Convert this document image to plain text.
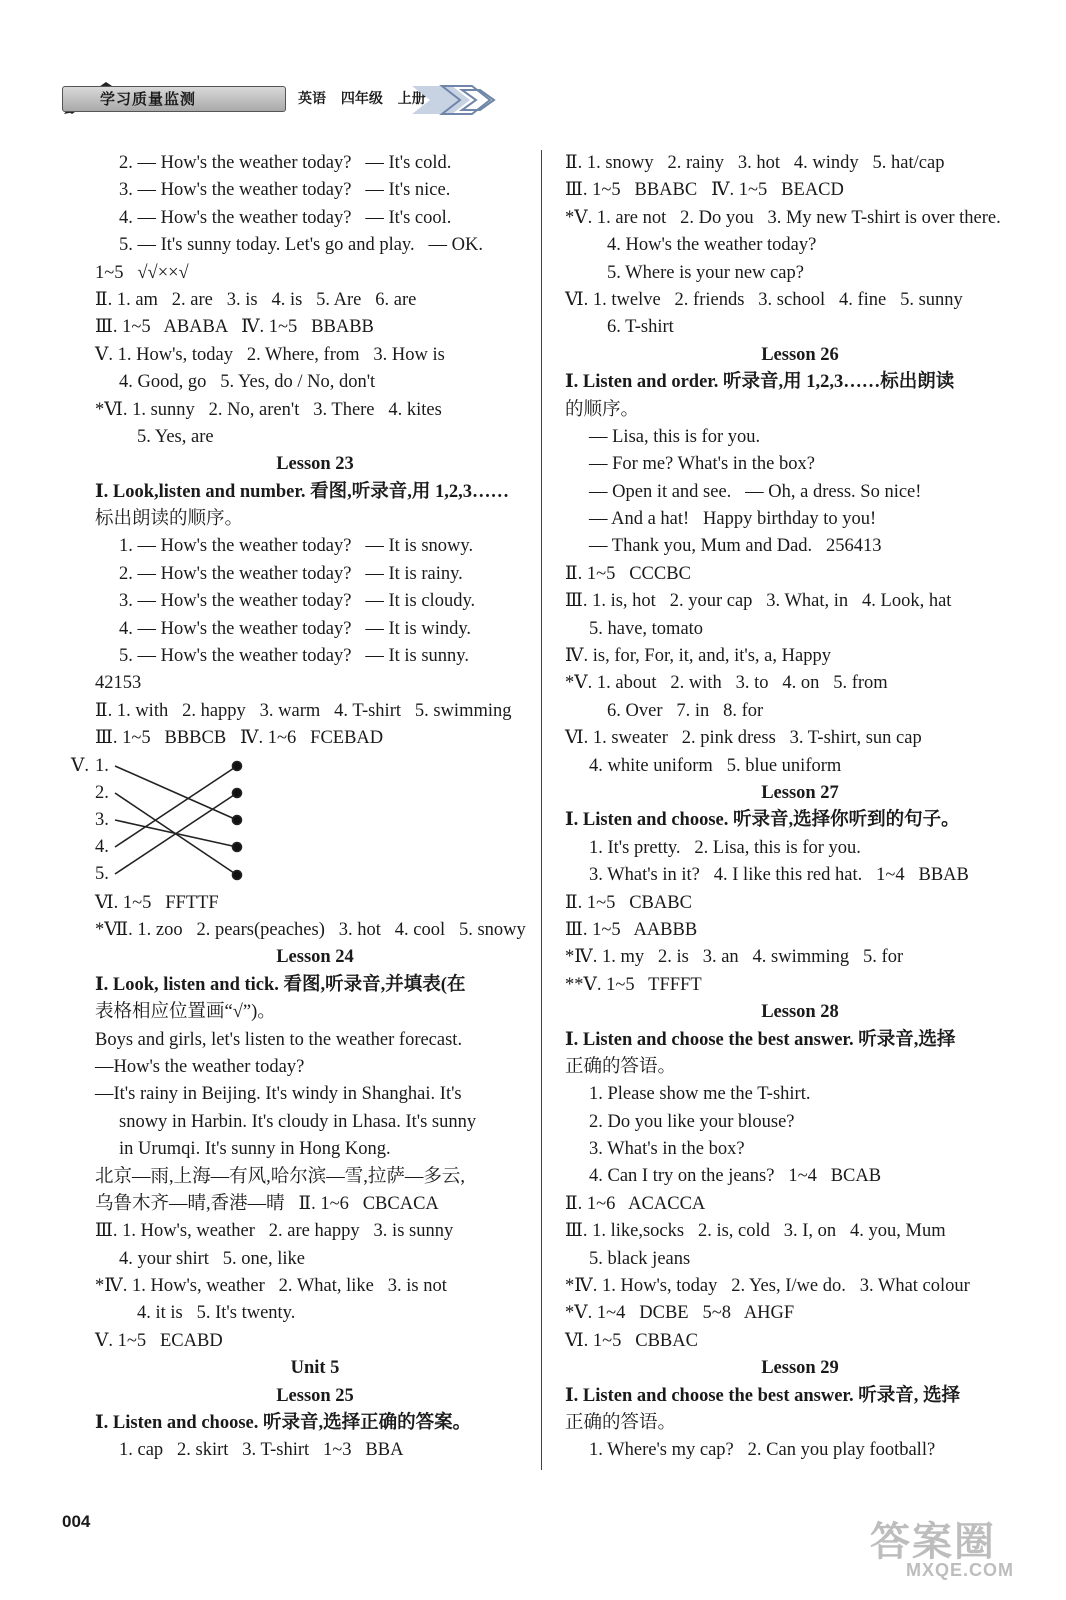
学习质量监测	英语 四年级 上册
2. — How's the weather today?   — It's cold.
3. — How's the weather today?   — It's nice.
4. — How's the weather today?   — It's cool.
5. — It's sunny today. Let's go and play.   — OK.
1~5   √√××√
Ⅱ. 1. am   2. are   3. is   4. is   5. Are   6. are
Ⅲ. 1~5   ABABA   Ⅳ. 1~5   BBABB
Ⅴ. 1. How's, today   2. Where, from   3. How is
4. Good, go   5. Yes, do / No, don't
*Ⅵ. 1. sunny   2. No, aren't   3. There   4. kites
5. Yes, are
Lesson 23
Ⅰ. Look,listen and number. 看图,听录音,用 1,2,3……
标出朗读的顺序。
1. — How's the weather today?   — It is snowy.
2. — How's the weather today?   — It is rainy.
3. — How's the weather today?   — It is cloudy.
4. — How's the weather today?   — It is windy.
5. — How's the weather today?   — It is sunny.
42153
Ⅱ. 1. with   2. happy   3. warm   4. T-shirt   5. swimming
Ⅲ. 1~5   BBBCB   Ⅳ. 1~6   FCEBAD
Ⅴ. 1.
2.
3.
4.
5.
Ⅵ. 1~5   FFTTF
*Ⅶ. 1. zoo   2. pears(peaches)   3. hot   4. cool   5. snowy
Lesson 24
Ⅰ. Look, listen and tick. 看图,听录音,并填表(在
表格相应位置画“√”)。
Boys and girls, let's listen to the weather forecast.
—How's the weather today?
—It's rainy in Beijing. It's windy in Shanghai. It's
snowy in Harbin. It's cloudy in Lhasa. It's sunny
in Urumqi. It's sunny in Hong Kong.
北京—雨,上海—有风,哈尔滨—雪,拉萨—多云,
乌鲁木齐—晴,香港—晴   Ⅱ. 1~6   CBCACA
Ⅲ. 1. How's, weather   2. are happy   3. is sunny
4. your shirt   5. one, like
*Ⅳ. 1. How's, weather   2. What, like   3. is not
4. it is   5. It's twenty.
Ⅴ. 1~5   ECABD
Unit 5
Lesson 25
Ⅰ. Listen and choose. 听录音,选择正确的答案。
1. cap   2. skirt   3. T-shirt   1~3   BBA
Ⅱ. 1. snowy   2. rainy   3. hot   4. windy   5. hat/cap
Ⅲ. 1~5   BBABC   Ⅳ. 1~5   BEACD
*Ⅴ. 1. are not   2. Do you   3. My new T-shirt is over there.
4. How's the weather today?
5. Where is your new cap?
Ⅵ. 1. twelve   2. friends   3. school   4. fine   5. sunny
6. T-shirt
Lesson 26
Ⅰ. Listen and order. 听录音,用 1,2,3……标出朗读
的顺序。
— Lisa, this is for you.
— For me? What's in the box?
— Open it and see.   — Oh, a dress. So nice!
— And a hat!   Happy birthday to you!
— Thank you, Mum and Dad.   256413
Ⅱ. 1~5   CCCBC
Ⅲ. 1. is, hot   2. your cap   3. What, in   4. Look, hat
5. have, tomato
Ⅳ. is, for, For, it, and, it's, a, Happy
*Ⅴ. 1. about   2. with   3. to   4. on   5. from
6. Over   7. in   8. for
Ⅵ. 1. sweater   2. pink dress   3. T-shirt, sun cap
4. white uniform   5. blue uniform
Lesson 27
Ⅰ. Listen and choose. 听录音,选择你听到的句子。
1. It's pretty.   2. Lisa, this is for you.
3. What's in it?   4. I like this red hat.   1~4   BBAB
Ⅱ. 1~5   CBABC
Ⅲ. 1~5   AABBB
*Ⅳ. 1. my   2. is   3. an   4. swimming   5. for
**Ⅴ. 1~5   TFFFT
Lesson 28
Ⅰ. Listen and choose the best answer. 听录音,选择
正确的答语。
1. Please show me the T-shirt.
2. Do you like your blouse?
3. What's in the box?
4. Can I try on the jeans?   1~4   BCAB
Ⅱ. 1~6   ACACCA
Ⅲ. 1. like,socks   2. is, cold   3. I, on   4. you, Mum
5. black jeans
*Ⅳ. 1. How's, today   2. Yes, I/we do.   3. What colour
*Ⅴ. 1~4   DCBE   5~8   AHGF
Ⅵ. 1~5   CBBAC
Lesson 29
Ⅰ. Listen and choose the best answer. 听录音, 选择
正确的答语。
1. Where's my cap?   2. Can you play football?
004	答案圈
MXQE.COM
